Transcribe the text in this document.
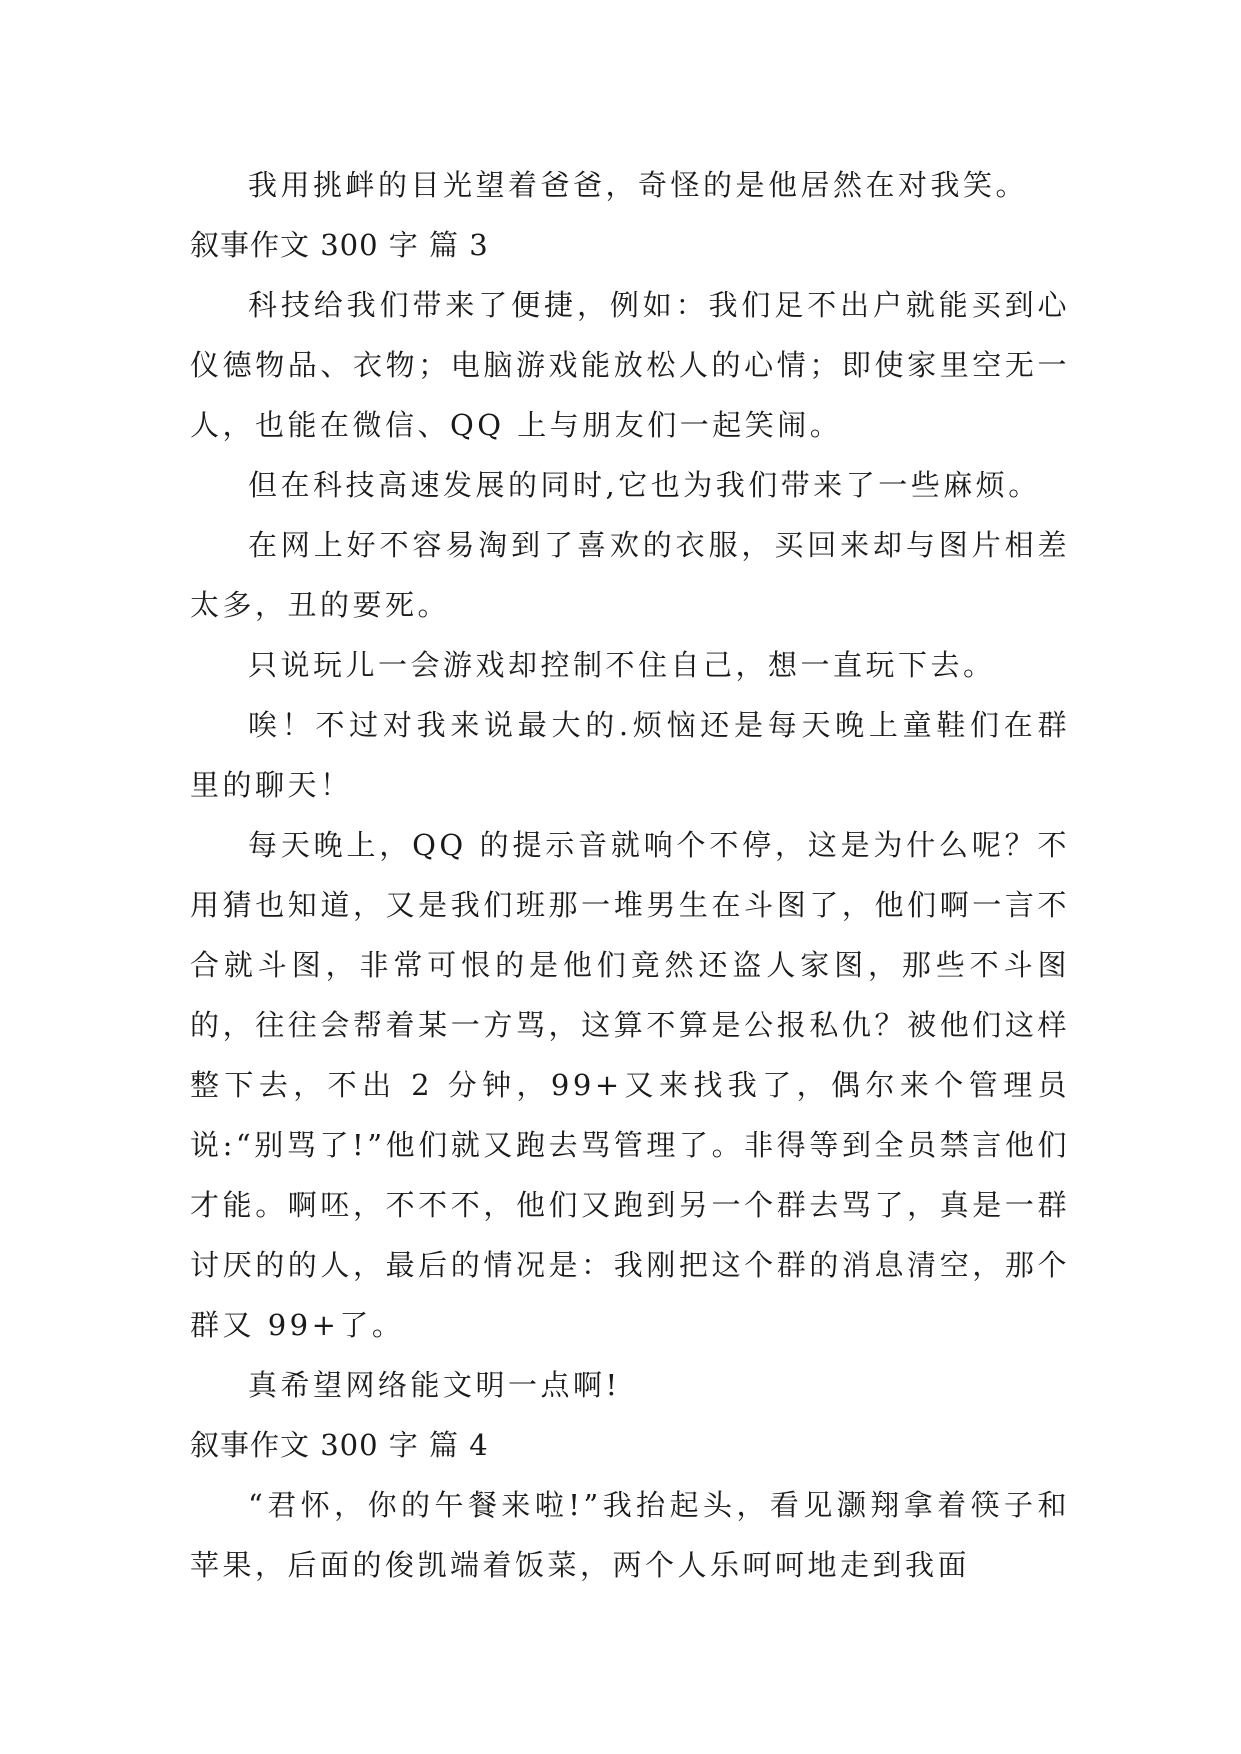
我用挑衅的目光望着爸爸，奇怪的是他居然在对我笑。

叙事作文 300 字 篇 3

科技给我们带来了便捷，例如：我们足不出户就能买到心仪德物品、衣物；电脑游戏能放松人的心情；即使家里空无一人，也能在微信、QQ 上与朋友们一起笑闹。

但在科技高速发展的同时,它也为我们带来了一些麻烦。

在网上好不容易淘到了喜欢的衣服，买回来却与图片相差太多，丑的要死。

只说玩儿一会游戏却控制不住自己，想一直玩下去。

唉！不过对我来说最大的.烦恼还是每天晚上童鞋们在群里的聊天！

每天晚上，QQ 的提示音就响个不停，这是为什么呢？不用猜也知道，又是我们班那一堆男生在斗图了，他们啊一言不合就斗图，非常可恨的是他们竟然还盗人家图，那些不斗图的，往往会帮着某一方骂，这算不算是公报私仇？被他们这样整下去，不出 2 分钟，99+又来找我了，偶尔来个管理员说:“别骂了!”他们就又跑去骂管理了。非得等到全员禁言他们才能。啊呸，不不不，他们又跑到另一个群去骂了，真是一群讨厌的的人，最后的情况是：我刚把这个群的消息清空，那个群又 99+了。

真希望网络能文明一点啊!

叙事作文 300 字 篇 4

“君怀，你的午餐来啦!”我抬起头，看见灏翔拿着筷子和苹果，后面的俊凯端着饭菜，两个人乐呵呵地走到我面
